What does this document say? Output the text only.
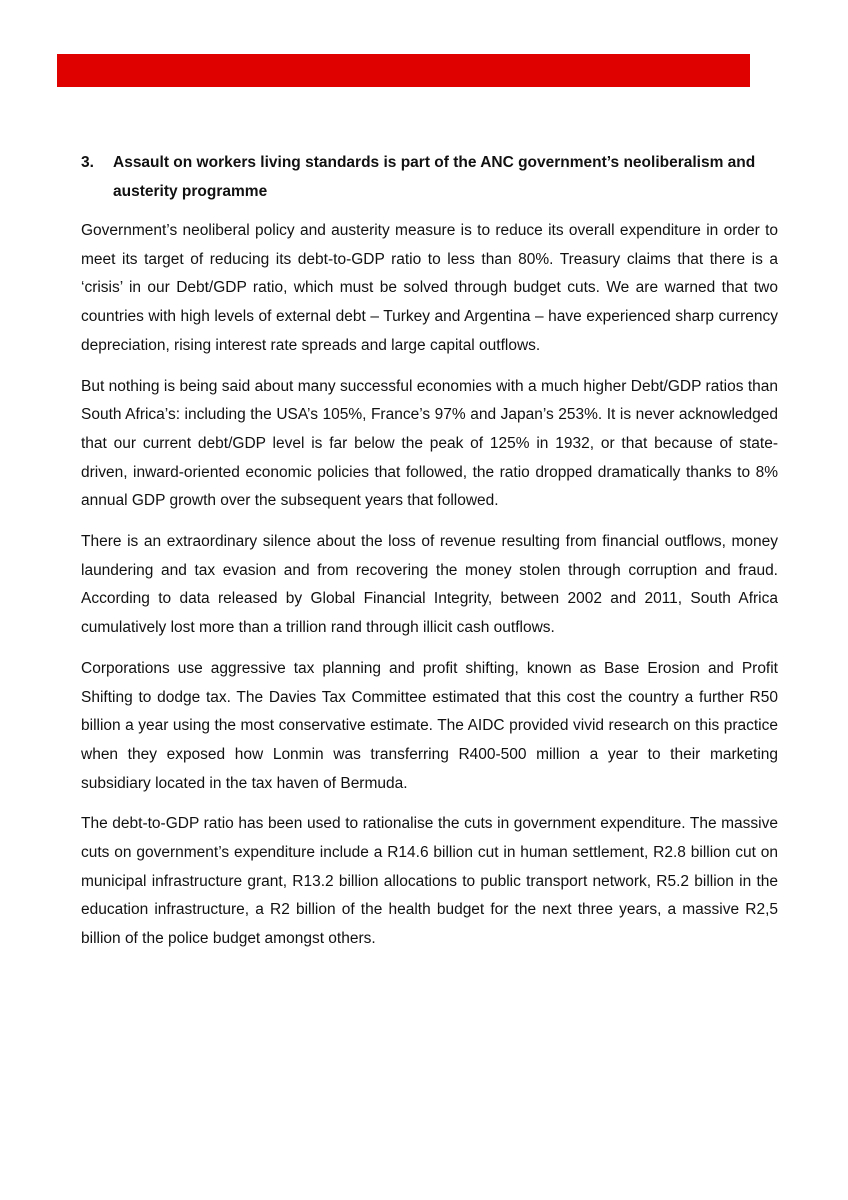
3.	Assault on workers living standards is part of the ANC government’s neoliberalism and austerity programme

Government’s neoliberal policy and austerity measure is to reduce its overall expenditure in order to meet its target of reducing its debt-to-GDP ratio to less than 80%. Treasury claims that there is a ‘crisis’ in our Debt/GDP ratio, which must be solved through budget cuts. We are warned that two countries with high levels of external debt – Turkey and Argentina – have experienced sharp currency depreciation, rising interest rate spreads and large capital outflows.

But nothing is being said about many successful economies with a much higher Debt/GDP ratios than South Africa’s: including the USA’s 105%, France’s 97% and Japan’s 253%. It is never acknowledged that our current debt/GDP level is far below the peak of 125% in 1932, or that because of state-driven, inward-oriented economic policies that followed, the ratio dropped dramatically thanks to 8% annual GDP growth over the subsequent years that followed.

There is an extraordinary silence about the loss of revenue resulting from financial outflows, money laundering and tax evasion and from recovering the money stolen through corruption and fraud. According to data released by Global Financial Integrity, between 2002 and 2011, South Africa cumulatively lost more than a trillion rand through illicit cash outflows.

Corporations use aggressive tax planning and profit shifting, known as Base Erosion and Profit Shifting to dodge tax. The Davies Tax Committee estimated that this cost the country a further R50 billion a year using the most conservative estimate. The AIDC provided vivid research on this practice when they exposed how Lonmin was transferring R400-500 million a year to their marketing subsidiary located in the tax haven of Bermuda.

The debt-to-GDP ratio has been used to rationalise the cuts in government expenditure. The massive cuts on government’s expenditure include a R14.6 billion cut in human settlement, R2.8 billion cut on municipal infrastructure grant, R13.2 billion allocations to public transport network, R5.2 billion in the education infrastructure, a R2 billion of the health budget for the next three years, a massive R2,5 billion of the police budget amongst others.
